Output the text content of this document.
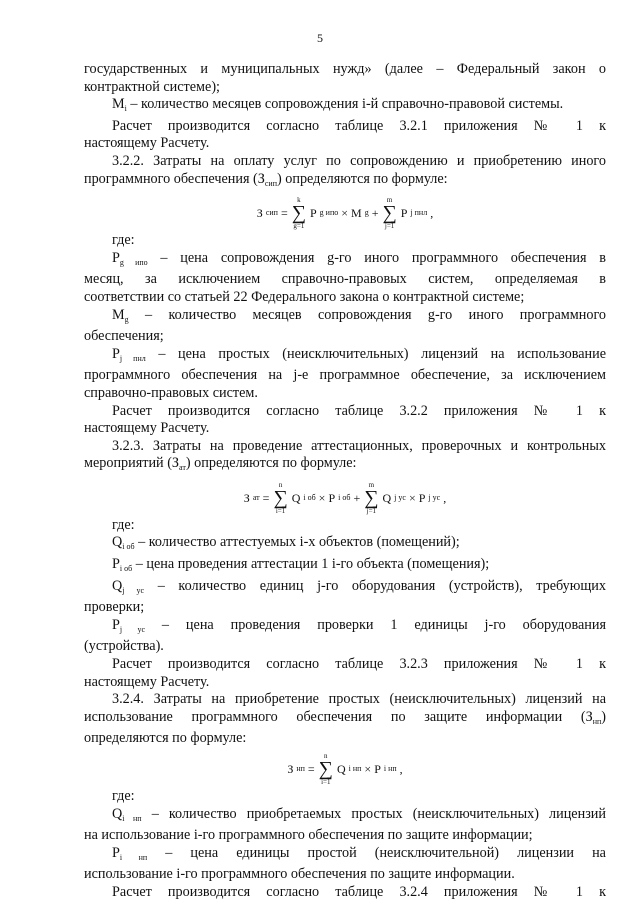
5

государственных и муниципальных нужд» (далее – Федеральный закон о

контрактной системе);

$M_i$ – количество месяцев сопровождения i-й справочно-правовой системы.

Расчет производится согласно таблице 3.2.1 приложения № 1 к

настоящему Расчету.

3.2.2. Затраты на оплату услуг по сопровождению и приобретению иного

программного обеспечения $(З_{сип})$ определяются по формуле:

З сип =
k
∑
g=1
P g ипо × M g +
m
∑
j=1
P j пнл ,

где:

$P_{g ипо}$ – цена сопровождения g-го иного программного обеспечения в

месяц, за исключением справочно-правовых систем, определяемая в

соответствии со статьей 22 Федерального закона о контрактной системе;

$M_g$ – количество месяцев сопровождения g-го иного программного

обеспечения;

$P_{j пнл}$ – цена простых (неисключительных) лицензий на использование

программного обеспечения на j-е программное обеспечение, за исключением

справочно-правовых систем.

Расчет производится согласно таблице 3.2.2 приложения № 1 к

настоящему Расчету.

3.2.3. Затраты на проведение аттестационных, проверочных и контрольных

мероприятий $(З_{ат})$ определяются по формуле:

З ат =
n
∑
i=1
Q i об × P i об +
m
∑
j=1
Q j ус × P j ус ,

где:

$Q_{i об}$ – количество аттестуемых i-х объектов (помещений);

$P_{i об}$ – цена проведения аттестации 1 i-го объекта (помещения);

$Q_{j ус}$ – количество единиц j-го оборудования (устройств), требующих

проверки;

$P_{j ус}$ – цена проведения проверки 1 единицы j-го оборудования

(устройства).

Расчет производится согласно таблице 3.2.3 приложения № 1 к

настоящему Расчету.

3.2.4. Затраты на приобретение простых (неисключительных) лицензий на

использование программного обеспечения по защите информации $(З_{нп})$

определяются по формуле:

З нп =
n
∑
i=1
Q i нп × P i нп ,

где:

$Q_{i нп}$ – количество приобретаемых простых (неисключительных) лицензий

на использование i-го программного обеспечения по защите информации;

$P_{i нп}$ – цена единицы простой (неисключительной) лицензии на

использование i-го программного обеспечения по защите информации.

Расчет производится согласно таблице 3.2.4 приложения № 1 к
